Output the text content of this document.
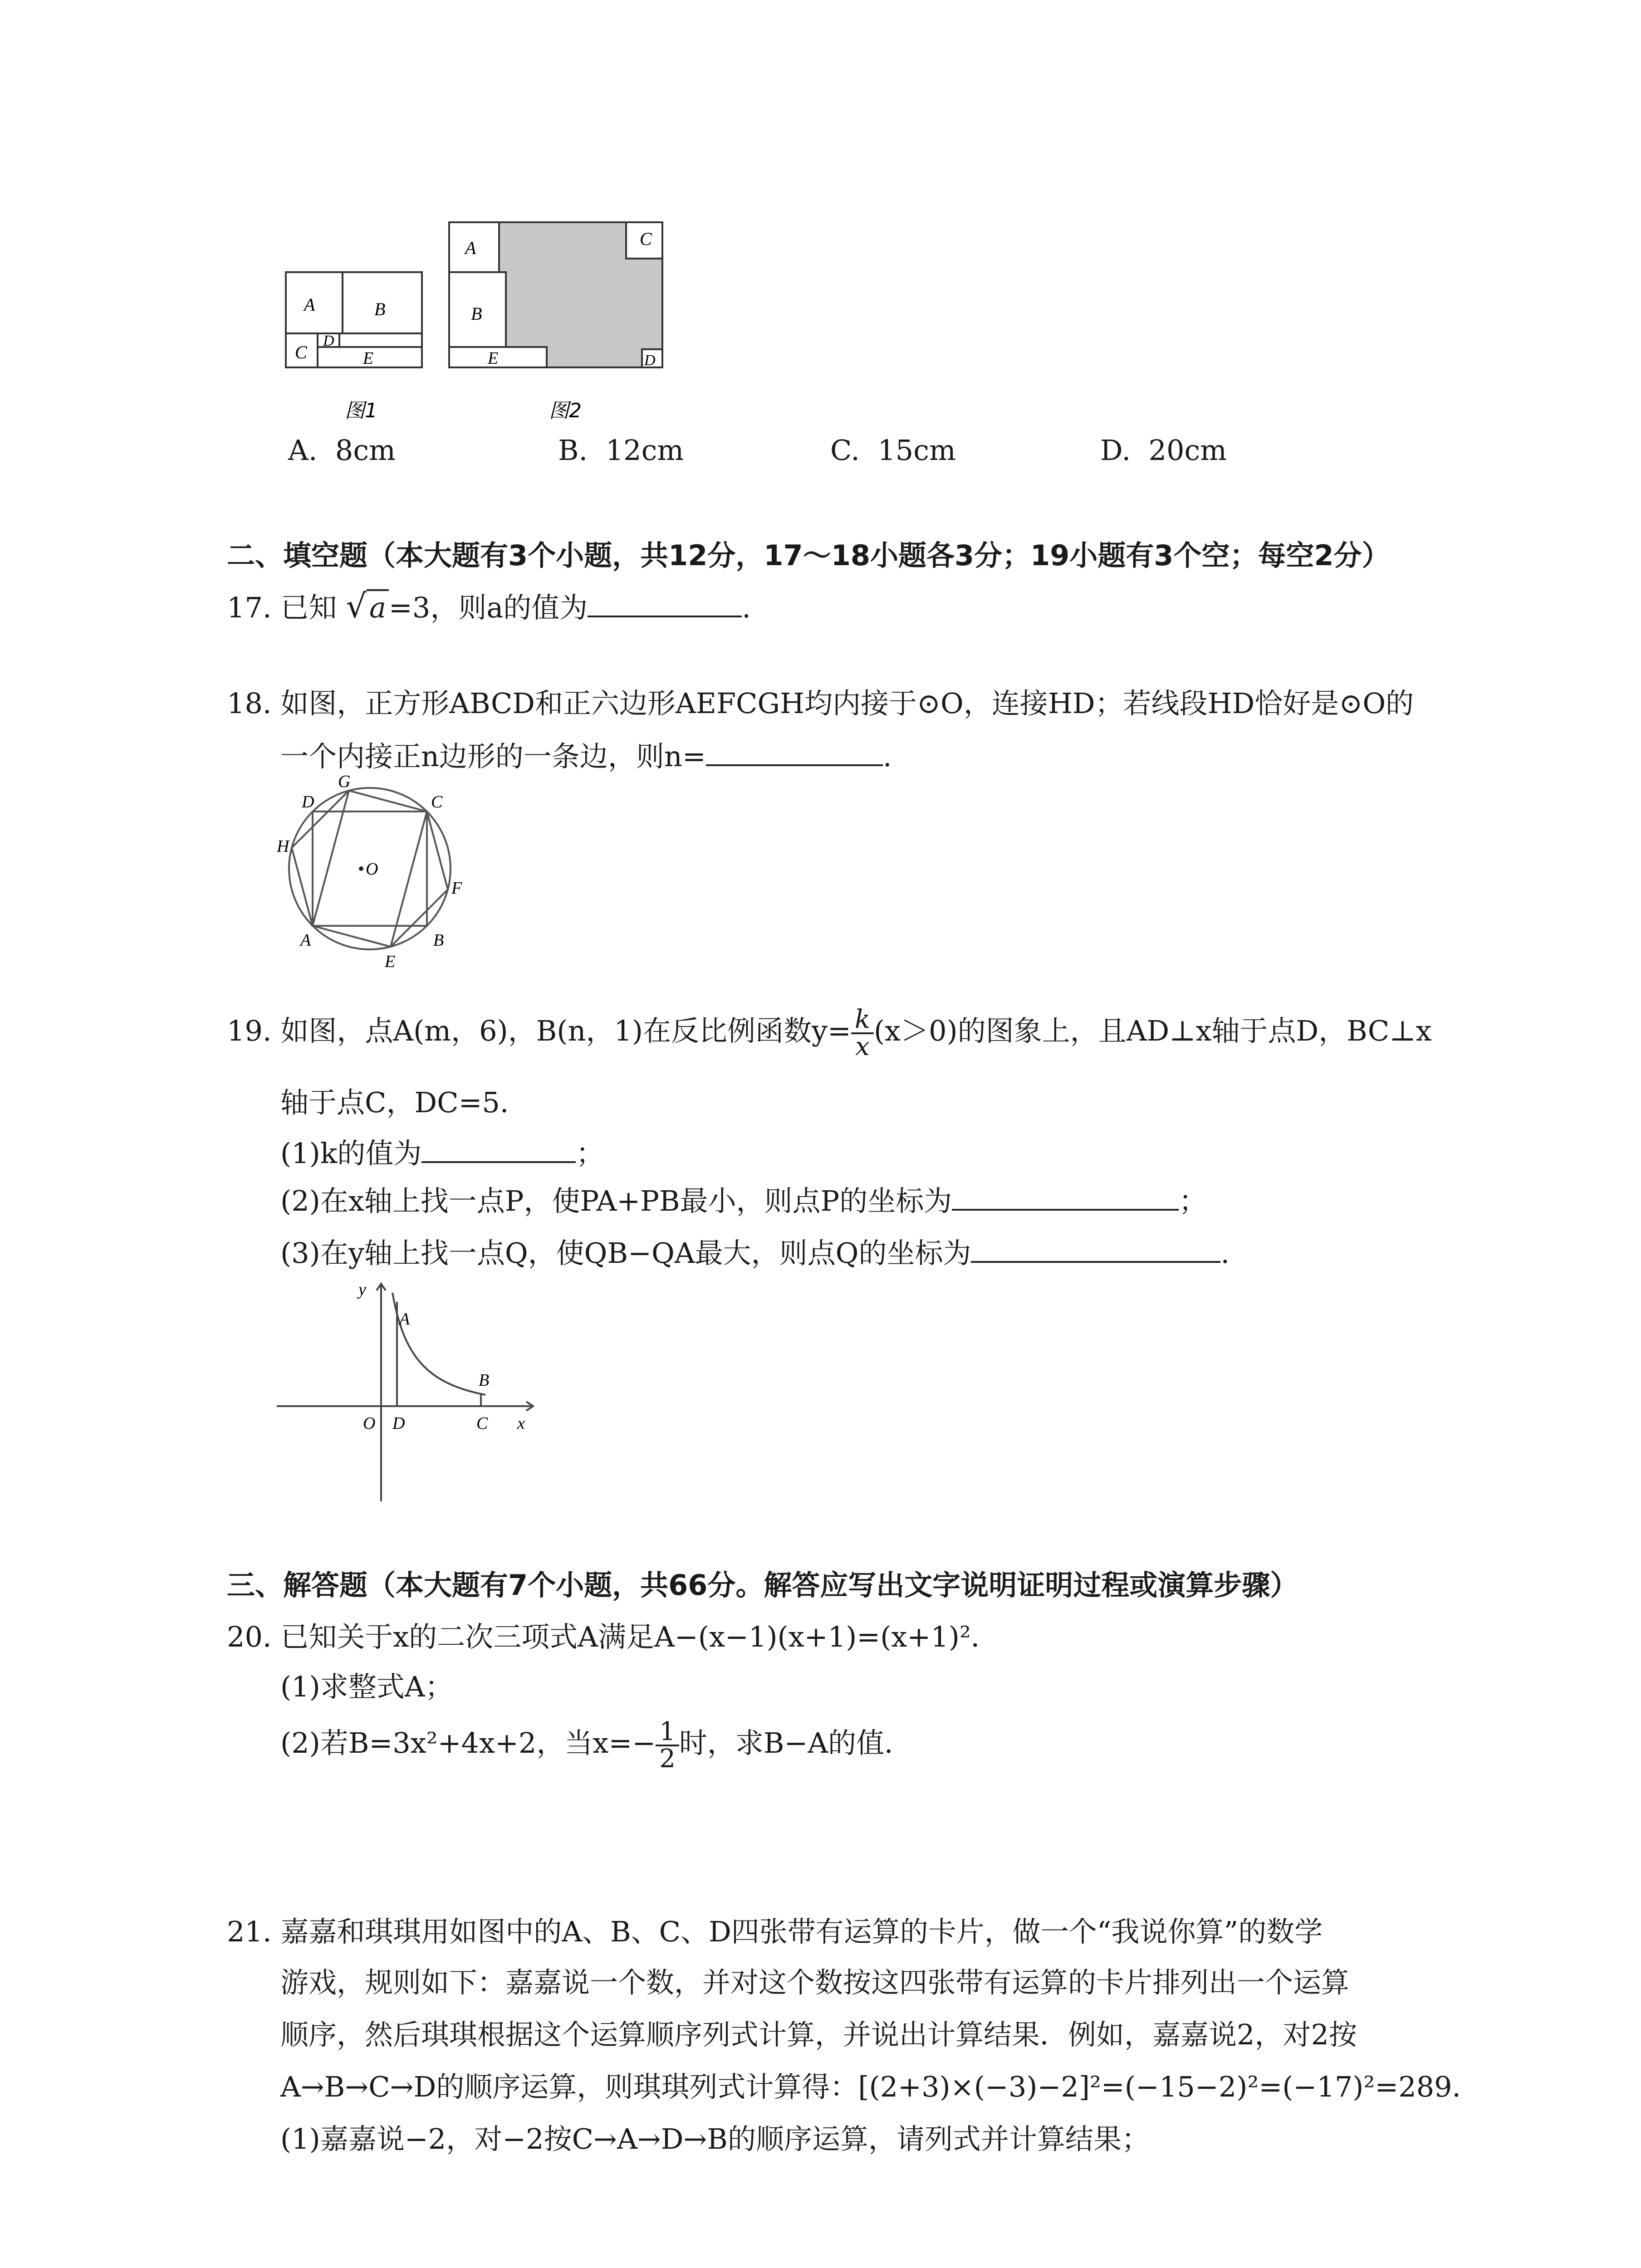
A	B
C
D
E
图1
A
B
C
D
E
图2
A. 8cm	B. 12cm	C. 15cm	D. 20cm
二、填空题（本大题有3个小题，共12分，17～18小题各3分；19小题有3个空；每空2分）
17. 已知 √a=3，则a的值为	.
18. 如图，正方形ABCD和正六边形AEFCGH均内接于⊙O，连接HD；若线段HD恰好是⊙O的
一个内接正n边形的一条边，则n=	.
D
G
C
H
O
F
A	B
E
19. 如图，点A(m，6)，B(n，1)在反比例函数$y= \frac{k}{x} (x>0)$的图象上，且AD⊥x轴于点D，BC⊥x
轴于点C，DC=5．
(1)k的值为	；
(2)在x轴上找一点P，使PA+PB最小，则点P的坐标为	；
(3)在y轴上找一点Q，使QB−QA最大，则点Q的坐标为	.
y
A
B
O D	C x
三、解答题（本大题有7个小题，共66分。解答应写出文字说明证明过程或演算步骤）
20. 已知关于x的二次三项式A满足A−(x−1)(x+1)=(x+1)²．
(1)求整式A；
(2)若B=3x²+4x+2，当$x=- \frac{1}{2}$ 时，求B−A的值．
21. 嘉嘉和琪琪用如图中的A、B、C、D四张带有运算的卡片，做一个“我说你算”的数学
游戏，规则如下：嘉嘉说一个数，并对这个数按这四张带有运算的卡片排列出一个运算
顺序，然后琪琪根据这个运算顺序列式计算，并说出计算结果．例如，嘉嘉说2，对2按
A→B→C→D的顺序运算，则琪琪列式计算得：[(2+3)×(−3)−2]²=(−15−2)²=(−17)²=289．
(1)嘉嘉说−2，对−2按C→A→D→B的顺序运算，请列式并计算结果；
